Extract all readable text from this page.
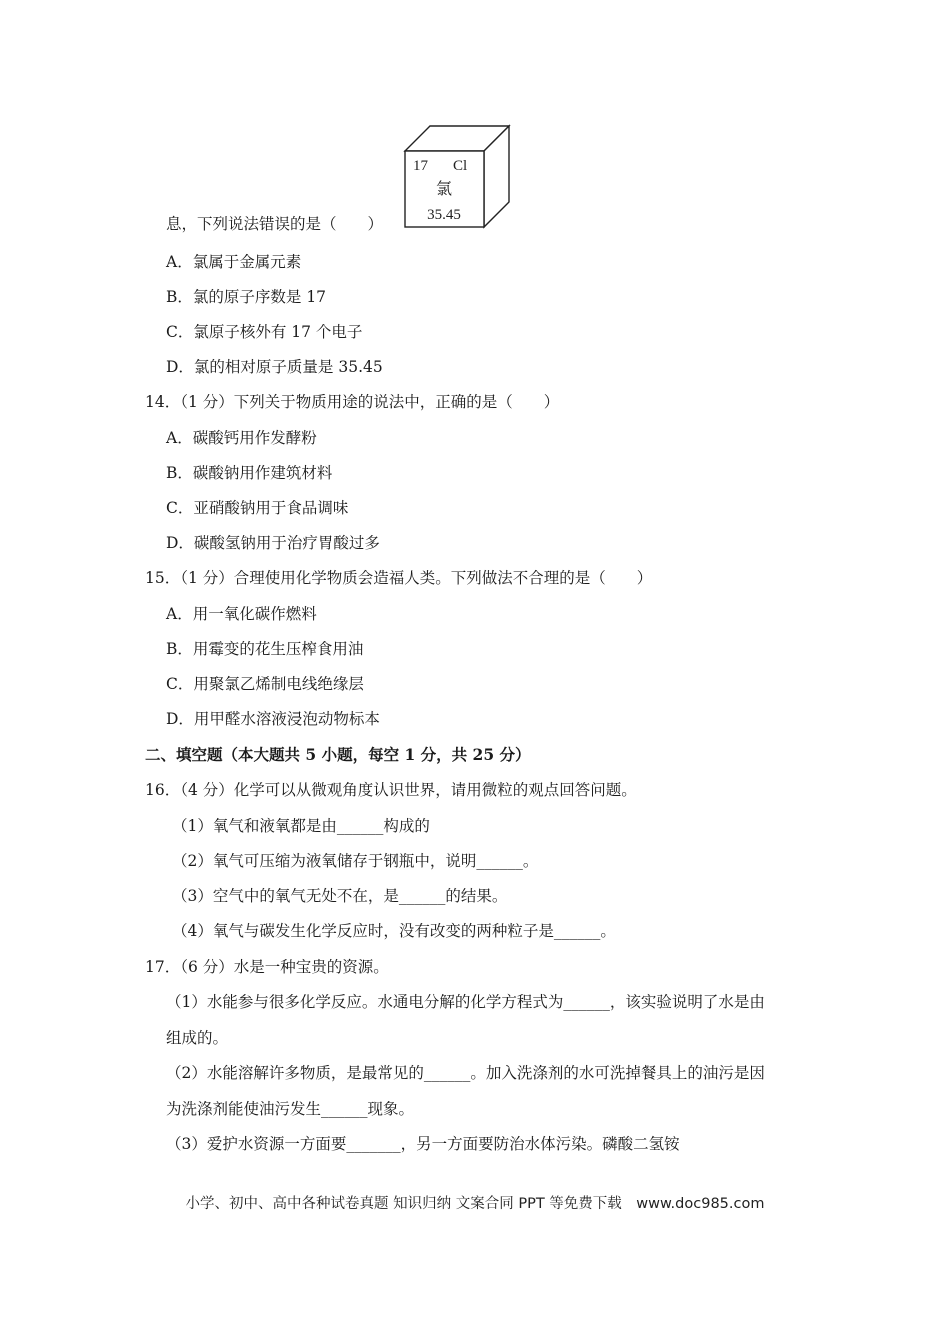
17 Cl
氯
35.45
息，下列说法错误的是（　　）
A．氯属于金属元素
B．氯的原子序数是 17
C．氯原子核外有 17 个电子
D．氯的相对原子质量是 35.45
14．（1 分）下列关于物质用途的说法中，正确的是（　　）
A．碳酸钙用作发酵粉
B．碳酸钠用作建筑材料
C．亚硝酸钠用于食品调味
D．碳酸氢钠用于治疗胃酸过多
15．（1 分）合理使用化学物质会造福人类。下列做法不合理的是（　　）
A．用一氧化碳作燃料
B．用霉变的花生压榨食用油
C．用聚氯乙烯制电线绝缘层
D．用甲醛水溶液浸泡动物标本
二、填空题（本大题共 5 小题，每空 1 分，共 25 分）
16．（4 分）化学可以从微观角度认识世界，请用微粒的观点回答问题。
（1）氧气和液氧都是由______构成的
（2）氧气可压缩为液氧储存于钢瓶中，说明______。
（3）空气中的氧气无处不在，是______的结果。
（4）氧气与碳发生化学反应时，没有改变的两种粒子是______。
17．（6 分）水是一种宝贵的资源。
（1）水能参与很多化学反应。水通电分解的化学方程式为______，该实验说明了水是由
组成的。
（2）水能溶解许多物质，是最常见的______。加入洗涤剂的水可洗掉餐具上的油污是因
为洗涤剂能使油污发生______现象。
（3）爱护水资源一方面要_______，另一方面要防治水体污染。磷酸二氢铵
小学、初中、高中各种试卷真题 知识归纳 文案合同 PPT 等免费下载　www.doc985.com
